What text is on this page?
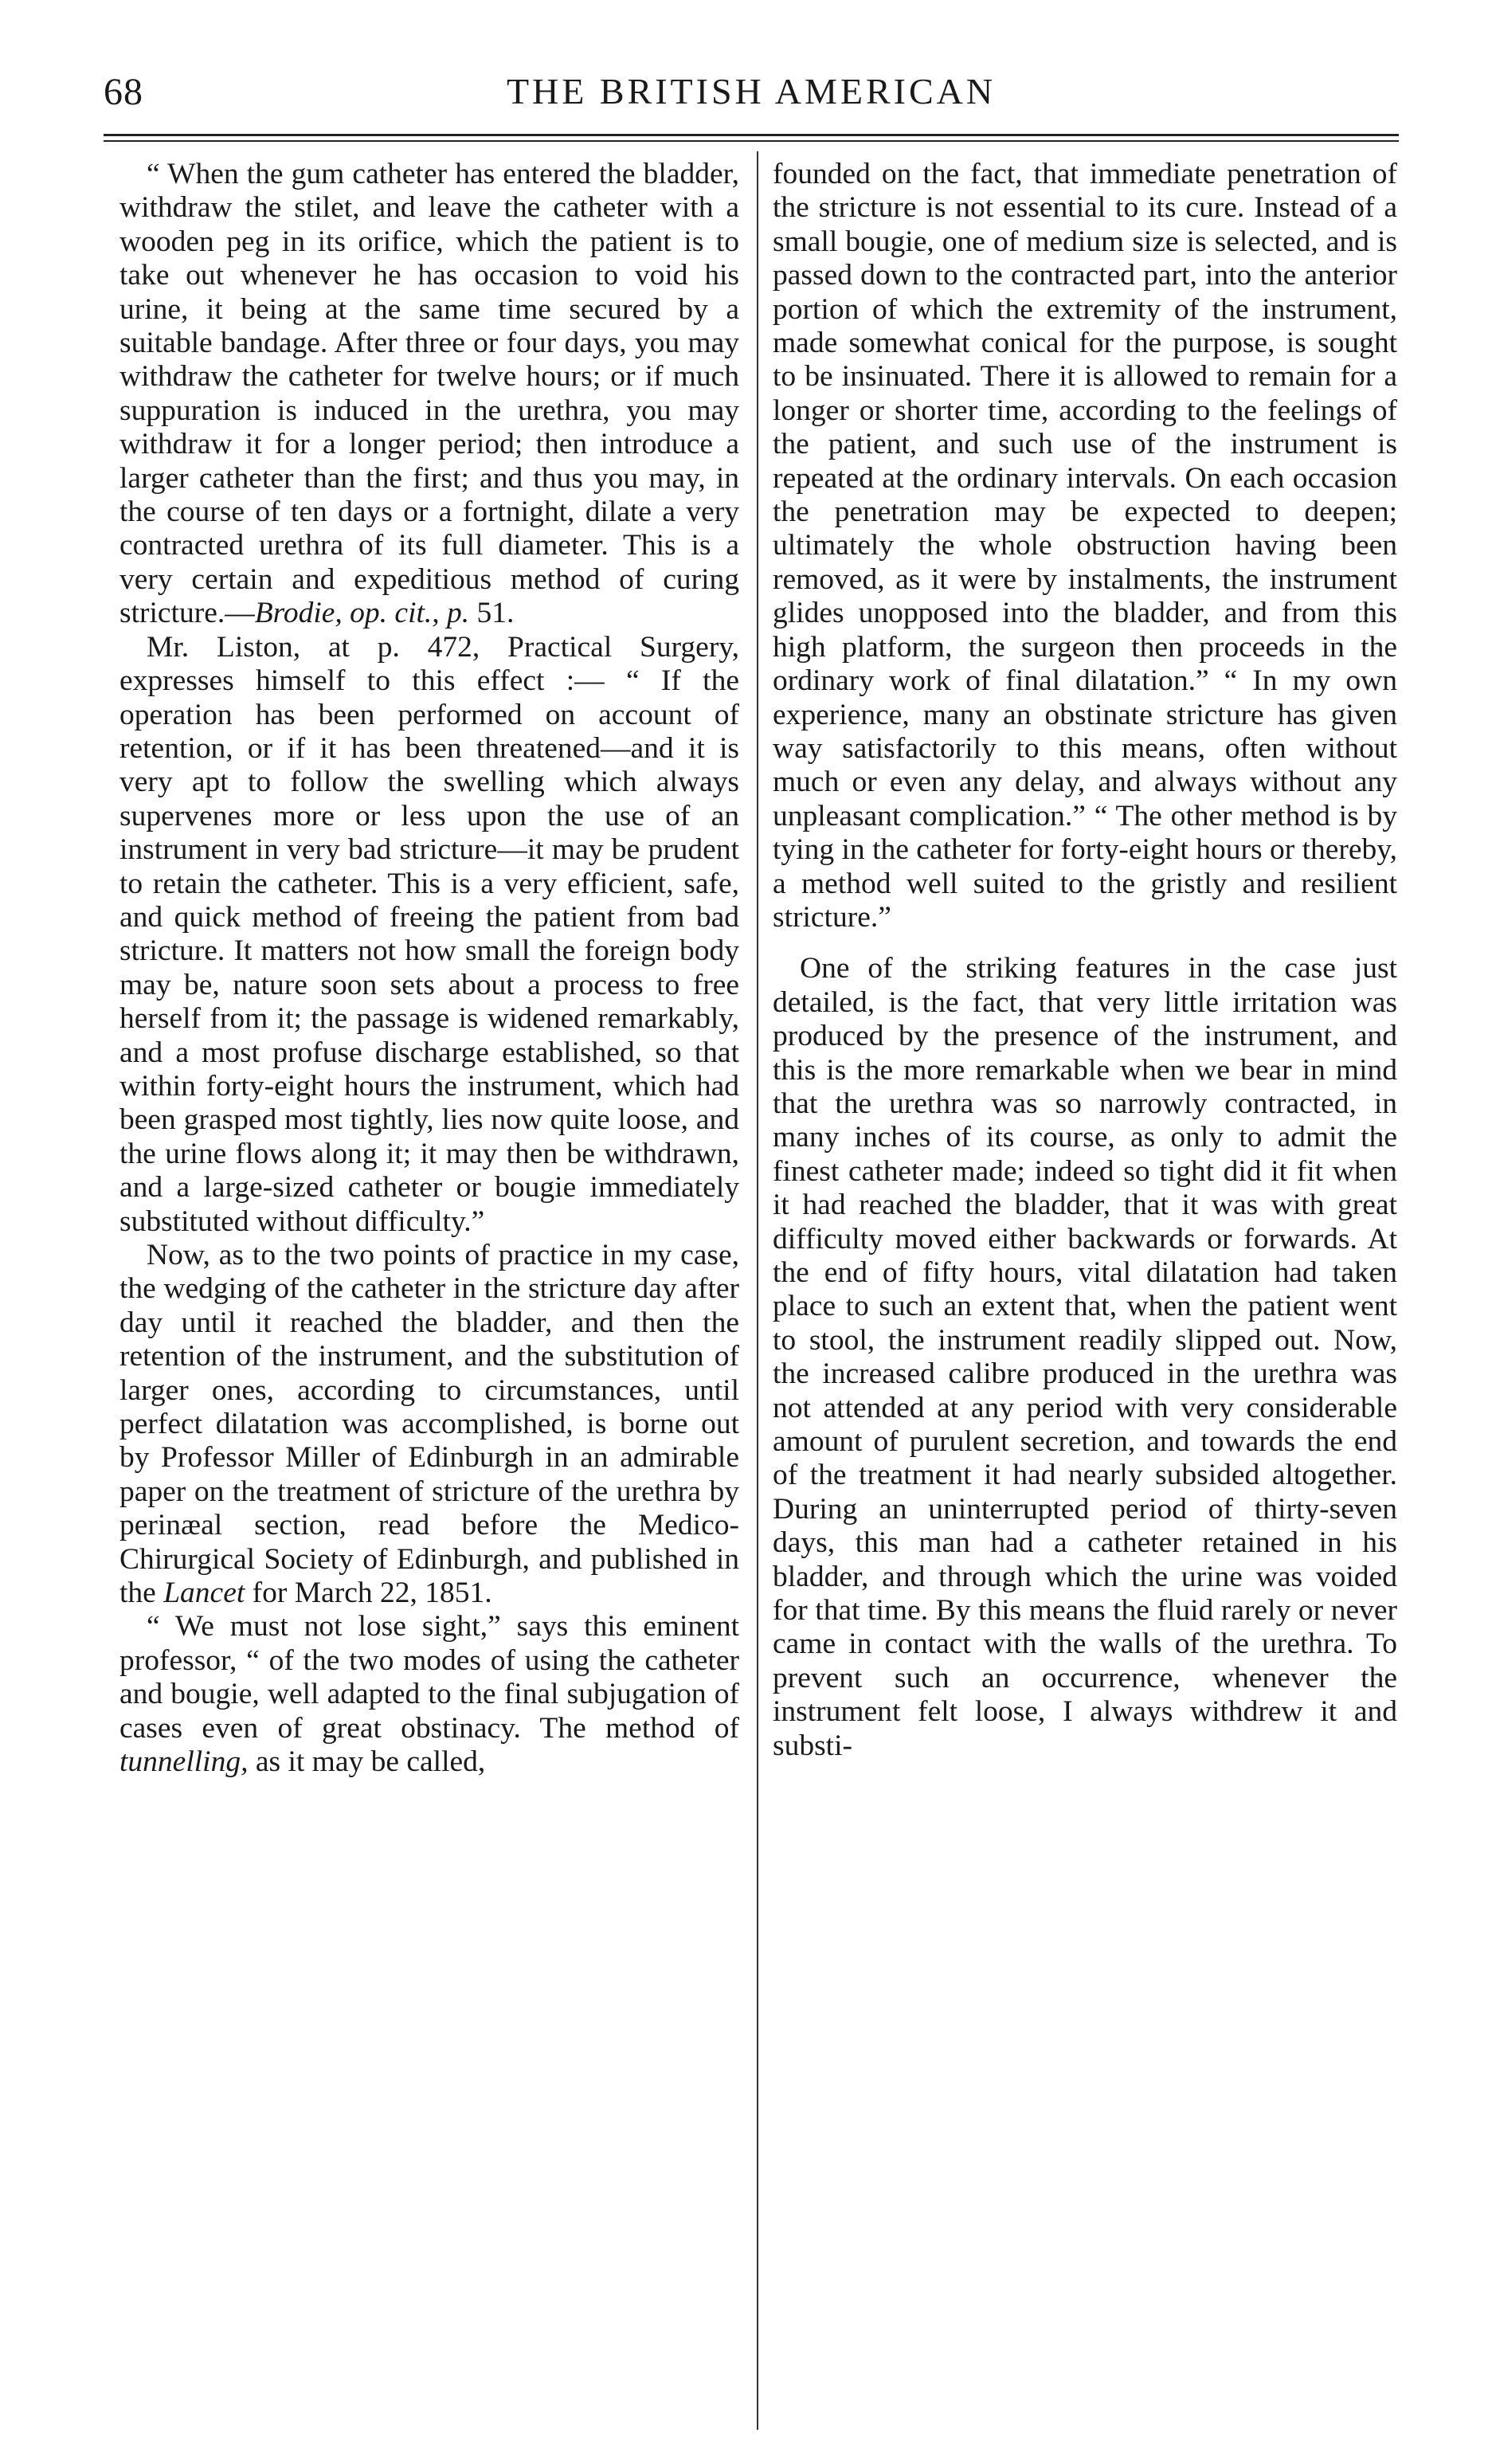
68	THE BRITISH AMERICAN

“ When the gum catheter has entered the bladder, withdraw the stilet, and leave the catheter with a wooden peg in its orifice, which the patient is to take out whenever he has occasion to void his urine, it being at the same time secured by a suitable bandage. After three or four days, you may withdraw the catheter for twelve hours; or if much suppuration is induced in the urethra, you may withdraw it for a longer period; then introduce a larger catheter than the first; and thus you may, in the course of ten days or a fortnight, dilate a very contracted urethra of its full diameter. This is a very certain and expeditious method of curing stricture.—Brodie, op. cit., p. 51.

Mr. Liston, at p. 472, Practical Surgery, expresses himself to this effect :— “ If the operation has been performed on account of retention, or if it has been threatened—and it is very apt to follow the swelling which always supervenes more or less upon the use of an instrument in very bad stricture—it may be prudent to retain the catheter. This is a very efficient, safe, and quick method of freeing the patient from bad stricture. It matters not how small the foreign body may be, nature soon sets about a process to free herself from it; the passage is widened remarkably, and a most profuse discharge established, so that within forty-eight hours the instrument, which had been grasped most tightly, lies now quite loose, and the urine flows along it; it may then be withdrawn, and a large-sized catheter or bougie immediately substituted without difficulty.”

Now, as to the two points of practice in my case, the wedging of the catheter in the stricture day after day until it reached the bladder, and then the retention of the instrument, and the substitution of larger ones, according to circumstances, until perfect dilatation was accomplished, is borne out by Professor Miller of Edinburgh in an admirable paper on the treatment of stricture of the urethra by perinæal section, read before the Medico-Chirurgical Society of Edinburgh, and published in the Lancet for March 22, 1851.

“ We must not lose sight,” says this eminent professor, “ of the two modes of using the catheter and bougie, well adapted to the final subjugation of cases even of great obstinacy. The method of tunnelling, as it may be called,

founded on the fact, that immediate penetration of the stricture is not essential to its cure. Instead of a small bougie, one of medium size is selected, and is passed down to the contracted part, into the anterior portion of which the extremity of the instrument, made somewhat conical for the purpose, is sought to be insinuated. There it is allowed to remain for a longer or shorter time, according to the feelings of the patient, and such use of the instrument is repeated at the ordinary intervals. On each occasion the penetration may be expected to deepen; ultimately the whole obstruction having been removed, as it were by instalments, the instrument glides unopposed into the bladder, and from this high platform, the surgeon then proceeds in the ordinary work of final dilatation.” “ In my own experience, many an obstinate stricture has given way satisfactorily to this means, often without much or even any delay, and always without any unpleasant complication.” “ The other method is by tying in the catheter for forty-eight hours or thereby, a method well suited to the gristly and resilient stricture.”

One of the striking features in the case just detailed, is the fact, that very little irritation was produced by the presence of the instrument, and this is the more remarkable when we bear in mind that the urethra was so narrowly contracted, in many inches of its course, as only to admit the finest catheter made; indeed so tight did it fit when it had reached the bladder, that it was with great difficulty moved either backwards or forwards. At the end of fifty hours, vital dilatation had taken place to such an extent that, when the patient went to stool, the instrument readily slipped out. Now, the increased calibre produced in the urethra was not attended at any period with very considerable amount of purulent secretion, and towards the end of the treatment it had nearly subsided altogether. During an uninterrupted period of thirty-seven days, this man had a catheter retained in his bladder, and through which the urine was voided for that time. By this means the fluid rarely or never came in contact with the walls of the urethra. To prevent such an occurrence, whenever the instrument felt loose, I always withdrew it and substi-
